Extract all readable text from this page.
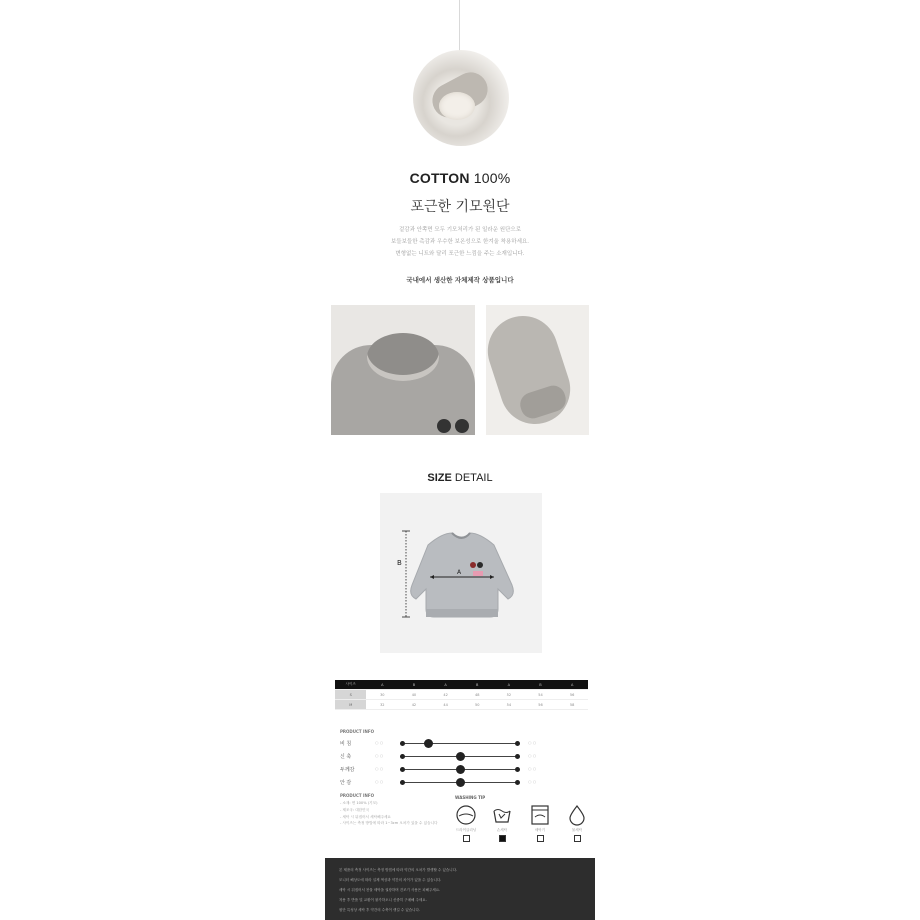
COTTON 100%
포근한 기모원단
겉감과 안쪽면 모두 기모처리가 된 일라운 원단으로
보들보들한 촉감과 우수한 보온성으로 한겨울 착용하세요.
변형없는 니트와 달리 포근한 느낌을 주는 소재입니다.
국내에서 생산한 자체제작 상품입니다
SIZE DETAIL
B
A
사이즈	A	B	A	B	A	B	A
S	30	40	42	48	52	54	56
M	32	42	44	50	54	56	58
PRODUCT INFO
비 침	○ ○	○ ○
신 축	○ ○	○ ○
두께감	○ ○	○ ○
안 감	○ ○	○ ○
PRODUCT INFO
- 소재: 면 100% (기모)
- 제조국: 대한민국
- 세탁 시 뒤집어서 세탁해주세요
- 사이즈는 측정 방법에 따라 1~3cm 오차가 있을 수 있습니다
WASHING TIP
드라이클리닝	손세탁	세탁기	물세탁
본 제품의 측정 사이즈는 측정 방법에 따라 약간의 오차가 발생할 수 있습니다.
모니터 해상도에 따라 실제 색상과 약간의 차이가 있을 수 있습니다.
세탁 시 뒤집어서 찬물 세탁을 권장하며 건조기 사용은 피해주세요.
착용 후 반품 및 교환이 불가하오니 신중히 구매해 주세요.
원단 특성상 세탁 후 약간의 수축이 생길 수 있습니다.
